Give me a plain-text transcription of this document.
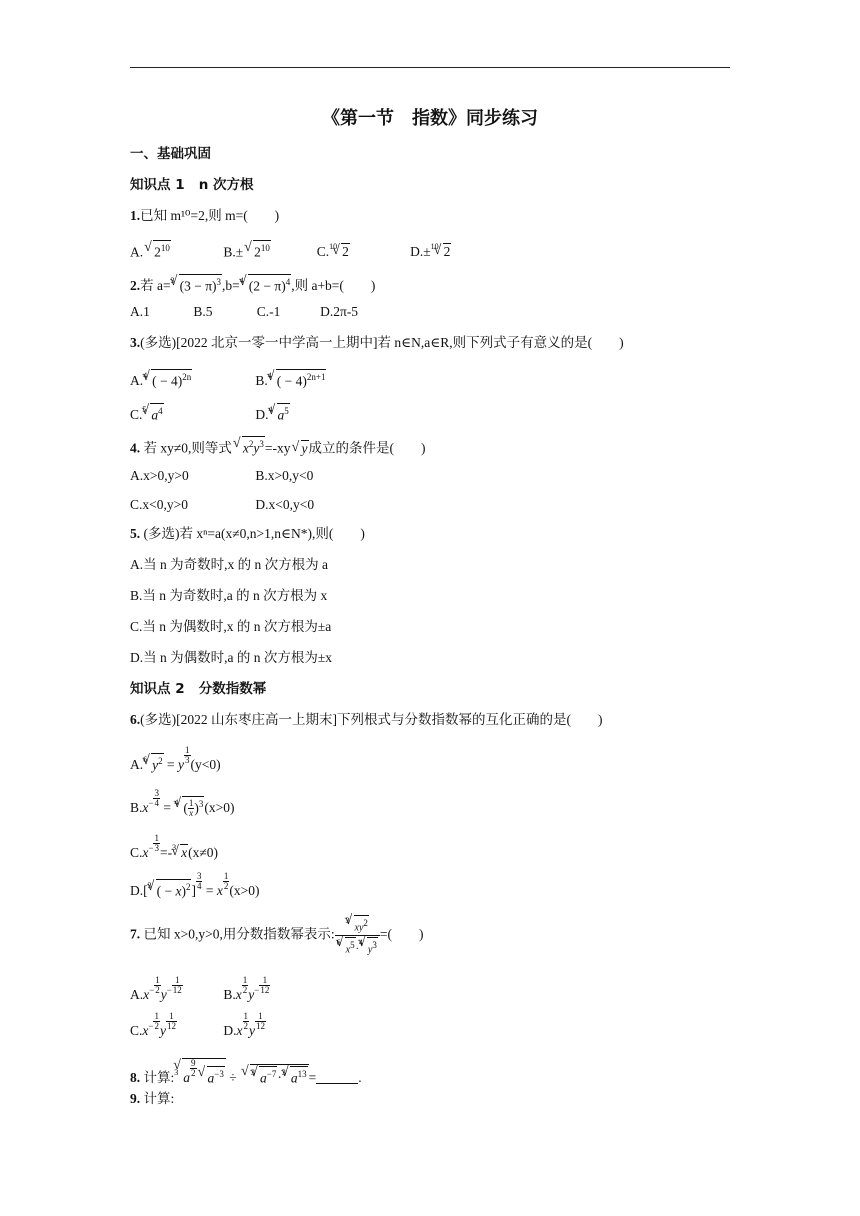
《第一节　指数》同步练习
一、基础巩固
知识点 1 n 次方根
1.已知 m¹⁰=2,则 m=(　　)
A.√ $2^{10}$	B.±√ $2^{10}$	C.$^{10}$√ 2	D.±$^{10}$√ 2
2.若 a=$^3$√ $(3 - \pi)^3,b=^4√$ $(2 - \pi)^4$,则 a+b=(　　)
A.1	B.5	C.-1	D.2π-5
3.(多选)[2022 北京一零一中学高一上期中]若 n∈N,a∈R,则下列式子有意义的是(　　)
A.$^4$√ ( − 4)$^{2n}$	B.$^4$√ ( − 4)$^{2n+1}$
C.$^5$√ $a^4$	D.$^4$√ $a^5$
4. 若 xy≠0,则等式√ $x^2y^3=-xy√$ y成立的条件是(　　)
A.x>0,y>0	B.x>0,y<0
C.x<0,y>0	D.x<0,y<0
5. (多选)若 xⁿ=a(x≠0,n>1,n∈N*),则(　　)
A.当 n 为奇数时,x 的 n 次方根为 a
B.当 n 为奇数时,a 的 n 次方根为 x
C.当 n 为偶数时,x 的 n 次方根为±a
D.当 n 为偶数时,a 的 n 次方根为±x
知识点 2 分数指数幂
6.(多选)[2022 山东枣庄高一上期末]下列根式与分数指数幂的互化正确的是(　　)
A.$^6$√ $y^2 = y \frac{1}{3} (y<0)$
$B.x^- \frac{3}{4} = ^4√$ ( $\frac{1}{x} )^3(x>0)$
$C.x^- \frac{1}{3} =-^3√$ x(x≠0)
D.[$^3$√ ( − $x)^2] \frac{3}{4} = x \frac{1}{2} (x>0)$
7. 已知 x>0,y>0,用分数指数幂表示: $\frac{^3√ xy^2}{^6√ x^5\cdot^4√ y^3}$ =(　　)
$A.x^- \frac{1}{2} y^- \frac{1}{12}$	$B.x \frac{1}{2} y^- \frac{1}{12}$
$C.x^- \frac{1}{2}$ y $\frac{1}{12}$	$D.x \frac{1}{2}$ y $\frac{1}{12}$
8. 计算:$^3$√ a $\frac{9}{2}$
√ $a^{-3}$ ÷ √ $^3$√ $a^{-7}\cdot^3√$ $a^{13}$ =	.
9. 计算:
